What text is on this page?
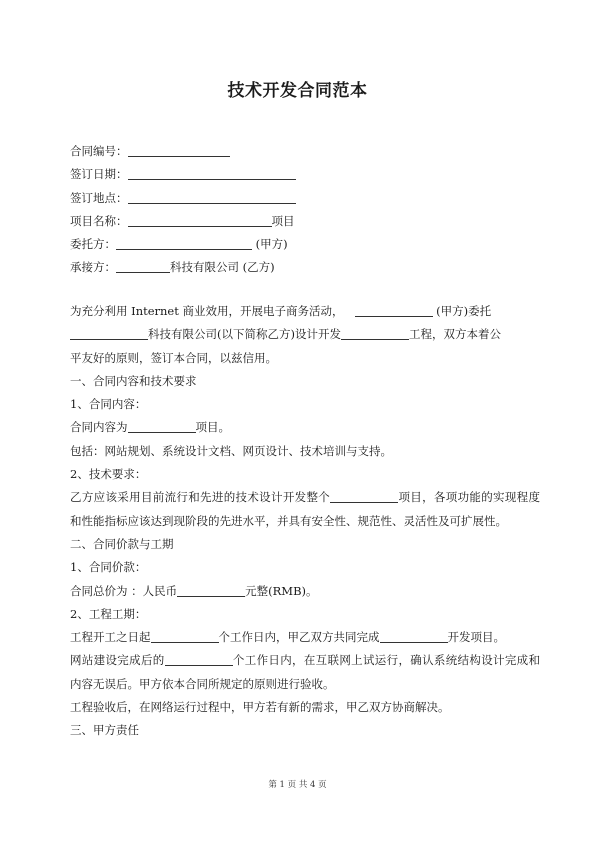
技术开发合同范本
合同编号：
签订日期：
签订地点：
项目名称：	项目
委托方：	(甲方)
承接方：	科技有限公司 (乙方)

为充分利用 Internet 商业效用，开展电子商务活动，	(甲方)委托

科技有限公司(以下简称乙方)设计开发	工程，双方本着公

平友好的原则，签订本合同，以兹信用。

一、合同内容和技术要求

1、合同内容：

合同内容为	项目。

包括：网站规划、系统设计文档、网页设计、技术培训与支持。

2、技术要求：

乙方应该采用目前流行和先进的技术设计开发整个	项目，各项功能的实现程度和性能指标应该达到现阶段的先进水平，并具有安全性、规范性、灵活性及可扩展性。

二、合同价款与工期

1、合同价款：

合同总价为 ：人民币	元整(RMB)。

2、工程工期：

工程开工之日起	个工作日内，甲乙双方共同完成	开发项目。

网站建设完成后的	个工作日内，在互联网上试运行，确认系统结构设计完成和内容无误后。甲方依本合同所规定的原则进行验收。

工程验收后，在网络运行过程中，甲方若有新的需求，甲乙双方协商解决。

三、甲方责任

第 1 页 共 4 页
